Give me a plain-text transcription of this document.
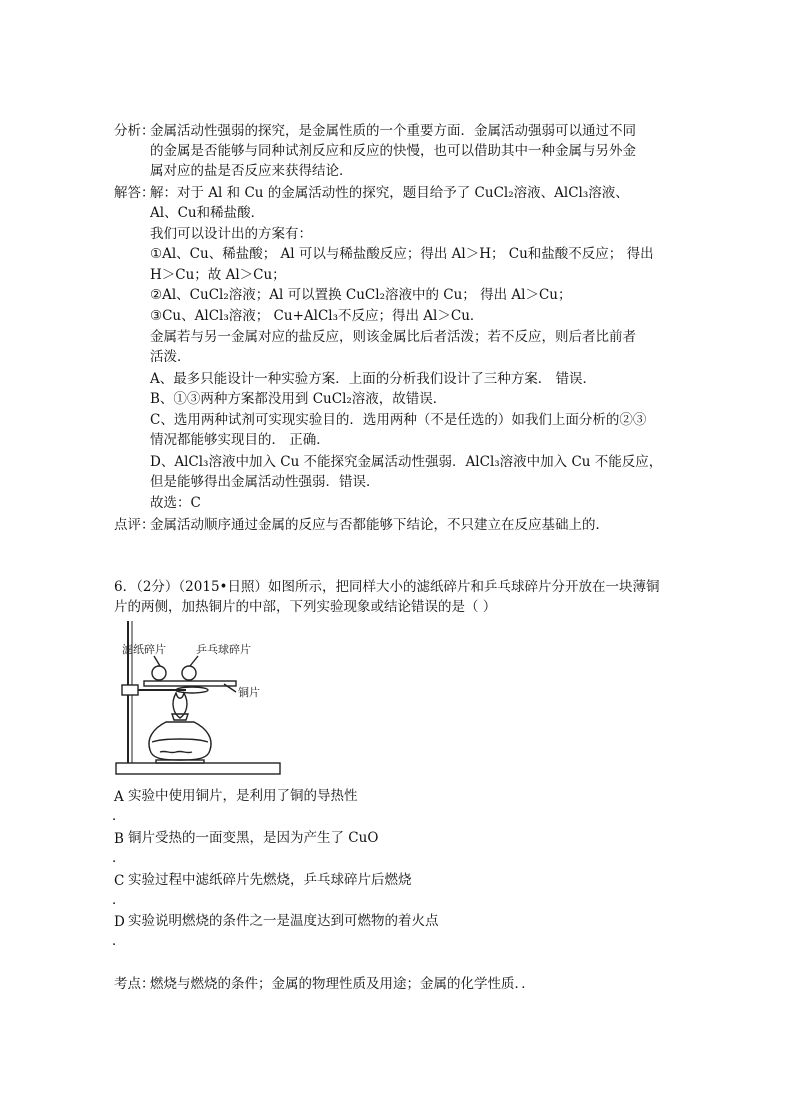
分析：
金属活动性强弱的探究，是金属性质的一个重要方面．金属活动强弱可以通过不同
的金属是否能够与同种试剂反应和反应的快慢，也可以借助其中一种金属与另外金
属对应的盐是否反应来获得结论．
解答：
解：对于 Al 和 Cu 的金属活动性的探究，题目给予了 CuCl₂溶液、AlCl₃溶液、
Al、Cu和稀盐酸．
我们可以设计出的方案有：
①Al、Cu、稀盐酸； Al 可以与稀盐酸反应；得出 Al＞H； Cu和盐酸不反应； 得出
H＞Cu；故 Al＞Cu；
②Al、CuCl₂溶液；Al 可以置换 CuCl₂溶液中的 Cu； 得出 Al＞Cu；
③Cu、AlCl₃溶液； Cu+AlCl₃不反应；得出 Al＞Cu．
金属若与另一金属对应的盐反应，则该金属比后者活泼；若不反应，则后者比前者
活泼．
A、最多只能设计一种实验方案．上面的分析我们设计了三种方案． 错误．
B、①③两种方案都没用到 CuCl₂溶液，故错误．
C、选用两种试剂可实现实验目的．选用两种（不是任选的）如我们上面分析的②③
情况都能够实现目的． 正确．
D、AlCl₃溶液中加入 Cu 不能探究金属活动性强弱．AlCl₃溶液中加入 Cu 不能反应，
但是能够得出金属活动性强弱．错误．
故选：C
点评：
金属活动顺序通过金属的反应与否都能够下结论，不只建立在反应基础上的．
6．（2分）（2015•日照）如图所示，把同样大小的滤纸碎片和乒乓球碎片分开放在一块薄铜
片的两侧，加热铜片的中部，下列实验现象或结论错误的是（ ）
滤纸碎片	乒乓球碎片
铜片
A 实验中使用铜片，是利用了铜的导热性
．
B 铜片受热的一面变黑，是因为产生了 CuO
．
C 实验过程中滤纸碎片先燃烧，乒乓球碎片后燃烧
．
D 实验说明燃烧的条件之一是温度达到可燃物的着火点
．
考点：
燃烧与燃烧的条件；金属的物理性质及用途；金属的化学性质．．
